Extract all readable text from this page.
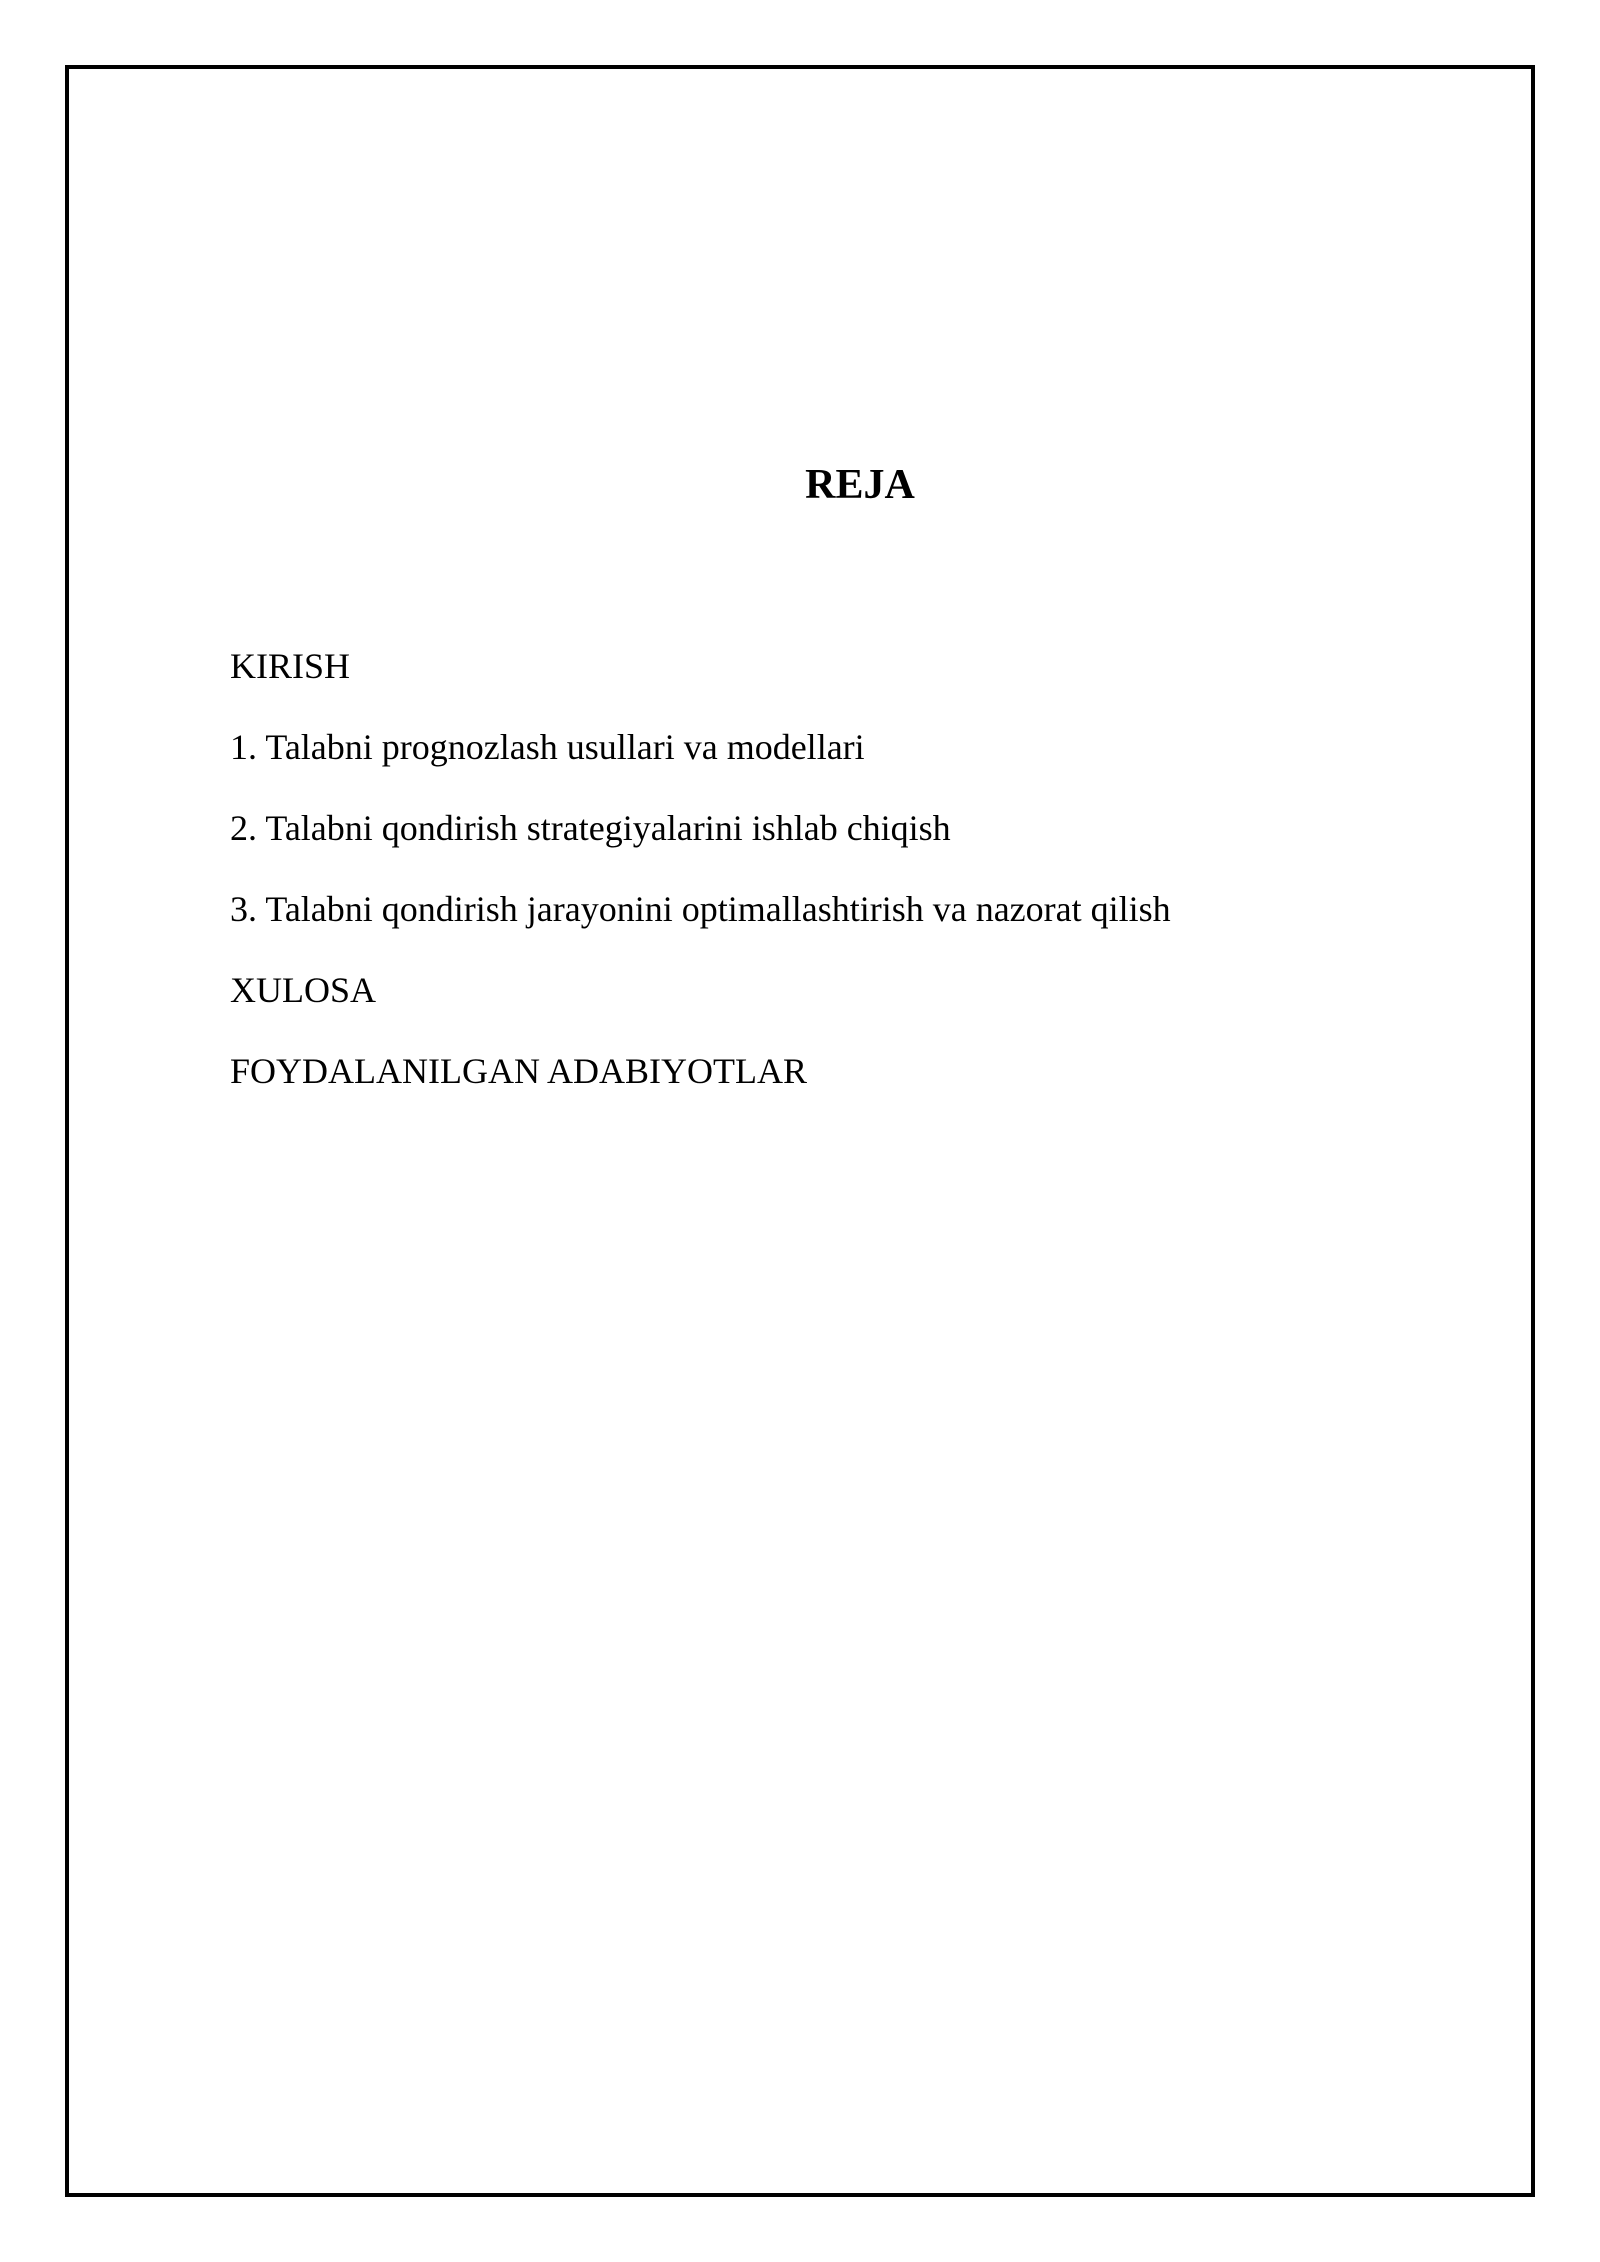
REJA
KIRISH
1. Talabni prognozlash usullari va modellari
2. Talabni qondirish strategiyalarini ishlab chiqish
3. Talabni qondirish jarayonini optimallashtirish va nazorat qilish
XULOSA
FOYDALANILGAN ADABIYOTLAR
